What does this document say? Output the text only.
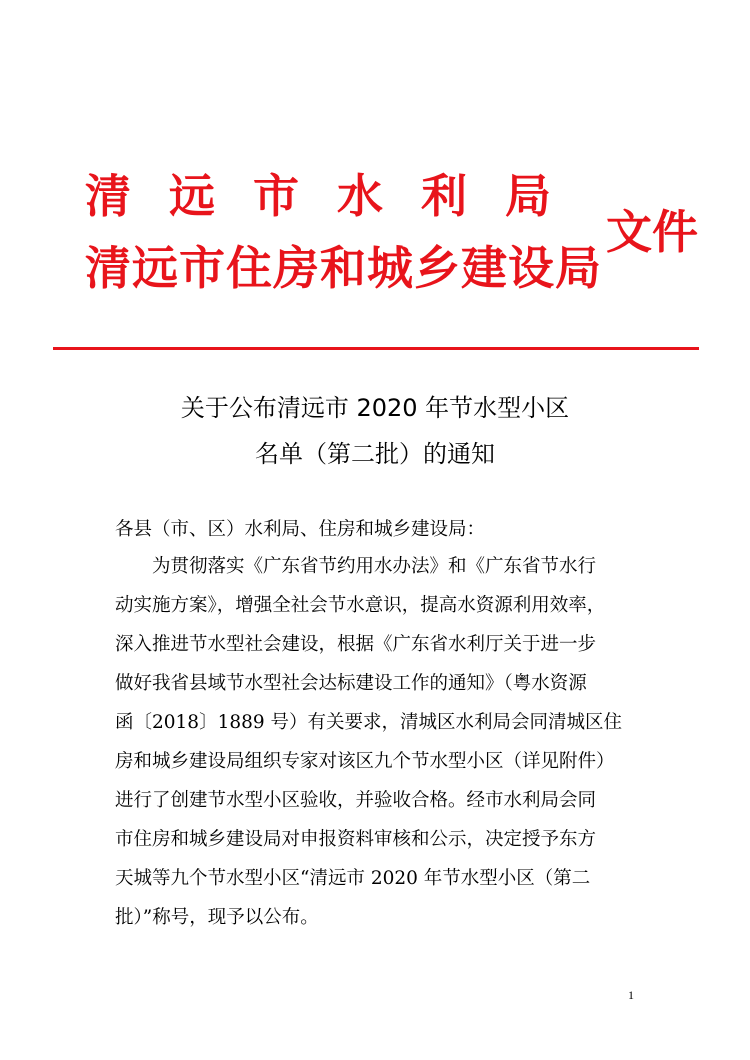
清远市水利局
清远市住房和城乡建设局
文件
关于公布清远市 2020 年节水型小区
名单（第二批）的通知
各县（市、区）水利局、住房和城乡建设局：
　　为贯彻落实《广东省节约用水办法》和《广东省节水行
动实施方案》，增强全社会节水意识，提高水资源利用效率，
深入推进节水型社会建设，根据《广东省水利厅关于进一步
做好我省县域节水型社会达标建设工作的通知》（粤水资源
函〔2018〕1889 号）有关要求，清城区水利局会同清城区住
房和城乡建设局组织专家对该区九个节水型小区（详见附件）
进行了创建节水型小区验收，并验收合格。经市水利局会同
市住房和城乡建设局对申报资料审核和公示，决定授予东方
天城等九个节水型小区“清远市 2020 年节水型小区（第二
批）”称号，现予以公布。
1
